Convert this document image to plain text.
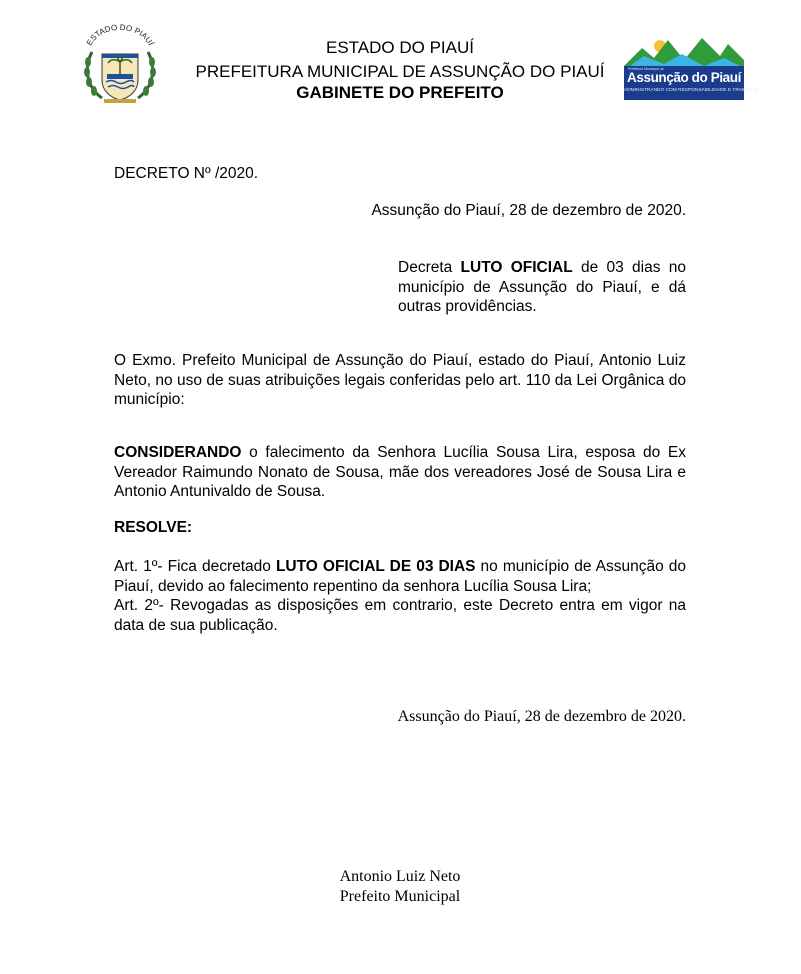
ESTADO DO PIAUÍ
Prefeitura Municipal de
Assunção do Piauí
ADMINISTRANDO COM RESPONSABILIDADE E TRABALHO
ESTADO DO PIAUÍ
PREFEITURA MUNICIPAL DE ASSUNÇÃO DO PIAUÍ
GABINETE DO PREFEITO
DECRETO Nº /2020.
Assunção do Piauí, 28 de dezembro de 2020.
Decreta LUTO OFICIAL de 03 dias no município de Assunção do Piauí, e dá outras providências.
O Exmo. Prefeito Municipal de Assunção do Piauí, estado do Piauí, Antonio Luiz Neto, no uso de suas atribuições legais conferidas pelo art. 110 da Lei Orgânica do município:
CONSIDERANDO o falecimento da Senhora Lucília Sousa Lira, esposa do Ex Vereador Raimundo Nonato de Sousa, mãe dos vereadores José de Sousa Lira e Antonio Antunivaldo de Sousa.
RESOLVE:
Art. 1º- Fica decretado LUTO OFICIAL DE 03 DIAS no município de Assunção do Piauí, devido ao falecimento repentino da senhora Lucília Sousa Lira;
Art. 2º- Revogadas as disposições em contrario, este Decreto entra em vigor na data de sua publicação.
Assunção do Piauí, 28 de dezembro de 2020.
Antonio Luiz Neto
Prefeito Municipal
